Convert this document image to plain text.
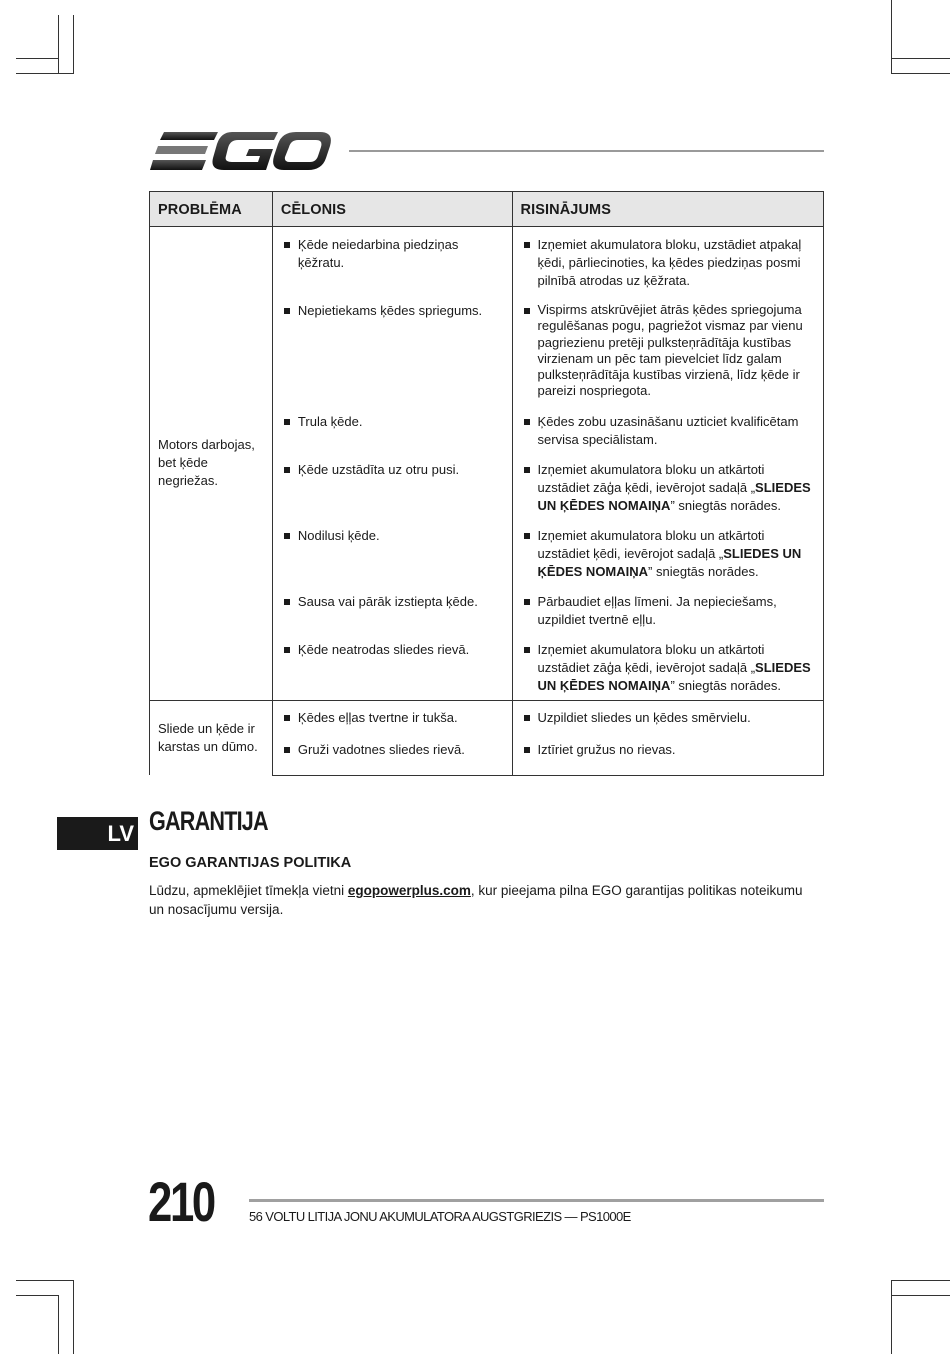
EGO
PROBLĒMA	CĒLONIS	RISINĀJUMS
Motors darbojas, bet ķēde negriežas.	Ķēde neiedarbina piedziņas ķēžratu.	Izņemiet akumulatora bloku, uzstādiet atpakaļ ķēdi, pārliecinoties, ka ķēdes piedziņas posmi pilnībā atrodas uz ķēžrata.

	Nepietiekams ķēdes spriegums.	Vispirms atskrūvējiet ātrās ķēdes spriegojuma regulēšanas pogu, pagriežot vismaz par vienu pagriezienu pretēji pulksteņrādītāja kustības virzienam un pēc tam pievelciet līdz galam pulksteņrādītāja kustības virzienā, līdz ķēde ir pareizi nospriegota.

	Trula ķēde.	Ķēdes zobu uzasināšanu uzticiet kvalificētam servisa speciālistam.

	Ķēde uzstādīta uz otru pusi.	Izņemiet akumulatora bloku un atkārtoti uzstādiet zāģa ķēdi, ievērojot sadaļā „SLIEDES UN ĶĒDES NOMAIŅA” sniegtās norādes.

	Nodilusi ķēde.	Izņemiet akumulatora bloku un atkārtoti uzstādiet ķēdi, ievērojot sadaļā „SLIEDES UN ĶĒDES NOMAIŅA” sniegtās norādes.

	Sausa vai pārāk izstiepta ķēde.	Pārbaudiet eļļas līmeni. Ja nepieciešams, uzpildiet tvertnē eļļu.

	Ķēde neatrodas sliedes rievā.	Izņemiet akumulatora bloku un atkārtoti uzstādiet zāģa ķēdi, ievērojot sadaļā „SLIEDES UN ĶĒDES NOMAIŅA” sniegtās norādes.

Sliede un ķēde ir karstas un dūmo.	Ķēdes eļļas tvertne ir tukša.	Uzpildiet sliedes un ķēdes smērvielu.

	Gruži vadotnes sliedes rievā.	Iztīriet gružus no rievas.
LV GARANTIJA
EGO GARANTIJAS POLITIKA
Lūdzu, apmeklējiet tīmekļa vietni egopowerplus.com, kur pieejama pilna EGO garantijas politikas noteikumu un nosacījumu versija.
210	56 VOLTU LITIJA JONU AKUMULATORA AUGSTGRIEZIS — PS1000E
